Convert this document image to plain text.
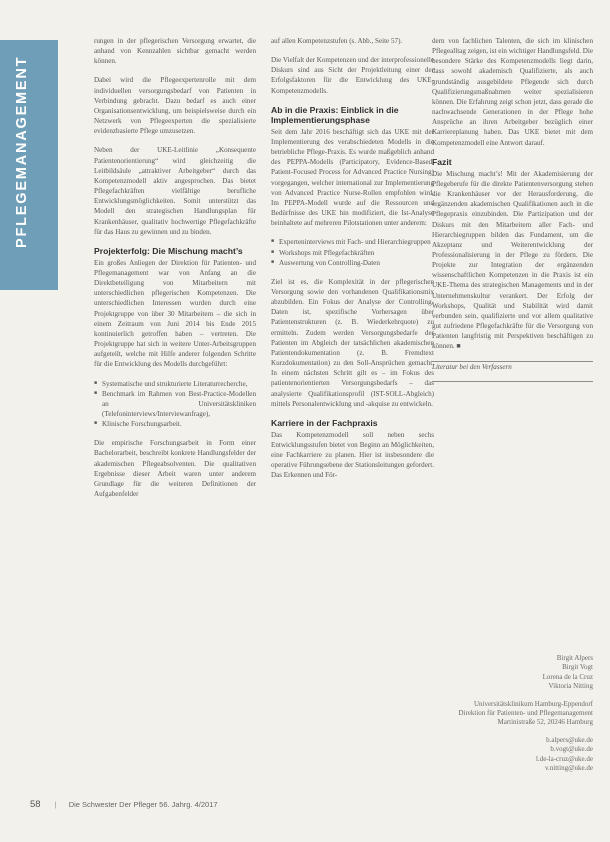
PFLEGEMANAGEMENT

rungen in der pflegerischen Versorgung erwartet, die anhand von Kennzahlen sichtbar gemacht werden können.

Dabei wird die Pflegeexpertenrolle mit dem individuellen versorgungsbedarf von Patienten in Verbindung gebracht. Dazu bedarf es auch einer Organisationsentwicklung, um beispielsweise durch ein Netzwerk von Pflegeexperten die spezialisierte evidenzbasierte Pflege umzusetzen.

Neben der UKE-Leitlinie „Konsequente Patientenorientierung“ wird gleichzeitig die Leitbildsäule „attraktiver Arbeitgeber“ durch das Kompetenzmodell aktiv angesprochen. Das bietet Pflegefachkräften vielfältige berufliche Entwicklungsmöglichkeiten. Somit unterstützt das Modell den strategischen Handlungsplan für Krankenhäuser, qualitativ hochwertige Pflegefachkräfte für das Haus zu gewinnen und zu binden.

Projekterfolg: Die Mischung macht’s

Ein großes Anliegen der Direktion für Patienten- und Pflegemanagement war von Anfang an die Direktbeteiligung von Mitarbeitern mit unterschiedlichen pflegerischen Kompetenzen. Die unterschiedlichen Interessen wurden durch eine Projektgruppe von über 30 Mitarbeitern – die sich in einem Zeitraum von Juni 2014 bis Ende 2015 kontinuierlich getroffen haben – vertreten. Die Projektgruppe hat sich in weitere Unter-Arbeitsgruppen aufgeteilt, welche mit Hilfe anderer folgenden Schritte für die Entwicklung des Modells durchgeführt:

■ Systematische und strukturierte Literaturrecherche,
■ Benchmark im Rahmen von Best-Practice-Modellen an Universitätskliniken (Telefoninterviews/Interviewanfrage),
■ Klinische Forschungsarbeit.

Die empirische Forschungsarbeit in Form einer Bachelorarbeit, beschreibt konkrete Handlungsfelder der akademischen Pflegeabsolventen. Die qualitativen Ergebnisse dieser Arbeit waren unter anderem Grundlage für die weiteren Definitionen der Aufgabenfelder

auf allen Kompetenzstufen (s. Abb., Seite 57).

Die Vielfalt der Kompetenzen und der interprofessionelle Diskurs sind aus Sicht der Projektleitung einer der Erfolgsfaktoren für die Entwicklung des UKE-Kompetenzmodells.

Ab in die Praxis: Einblick in die Implementierungsphase

Seit dem Jahr 2016 beschäftigt sich das UKE mit der Implementierung des verabschiedeten Modells in die betriebliche Pflege-Praxis. Es wurde maßgeblich anhand des PEPPA-Modells (Participatory, Evidence-Based, Patient-Focused Process for Advanced Practice Nursing) vorgegangen, welcher international zur Implementierung von Advanced Practice Nurse-Rollen empfohlen wird. Im PEPPA-Modell wurde auf die Ressourcen und Bedürfnisse des UKE hin modifiziert, die Ist-Analyse beinhaltete auf mehreren Pilotstationen unter anderem:

■ Experteninterviews mit Fach- und Hierarchiegruppen
■ Workshops mit Pflegefachkräften
■ Auswertung von Controlling-Daten

Ziel ist es, die Komplexität in der pflegerischen Versorgung sowie den vorhandenen Qualifikationsmix abzubilden. Ein Fokus der Analyse der Controlling-Daten ist, spezifische Vorhersagen über Patientenstrukturen (z. B. Wiederkehrquote) zu ermitteln. Zudem werden Versorgungsbedarfe der Patienten im Abgleich der tatsächlichen akademischen Patientendokumentation (z. B. Fremdtext Kurzdokumentation) zu den Soll-Ansprüchen gemacht. In einem nächsten Schritt gilt es – im Fokus des patientenorientierten Versorgungsbedarfs – das analysierte Qualifikationsprofil (IST-SOLL-Abgleich) mittels Personalentwicklung und -akquise zu entwickeln.

Karriere in der Fachpraxis

Das Kompetenzmodell soll neben sechs Entwicklungsstufen bietet von Beginn an Möglichkeiten, eine Fachkarriere zu planen. Hier ist insbesondere die operative Führungsebene der Stationsleitungen gefordert. Das Erkennen und För-

dern von fachlichen Talenten, die sich im klinischen Pflegealltag zeigen, ist ein wichtiger Handlungsfeld. Die besondere Stärke des Kompetenzmodells liegt darin, dass sowohl akademisch Qualifizierte, als auch grundständig ausgebildete Pflegende sich durch Qualifizierungsmaßnahmen weiter spezialisieren können. Die Erfahrung zeigt schon jetzt, dass gerade die nachwachsende Generationen in der Pflege hohe Ansprüche an ihren Arbeitgeber bezüglich einer Karriereplanung haben. Das UKE bietet mit dem Kompetenzmodell eine Antwort darauf.

Fazit

Die Mischung macht’s! Mit der Akademisierung der Pflegeberufe für die direkte Patientenversorgung stehen die Krankenhäuser vor der Herausforderung, die ergänzenden akademischen Qualifikationen auch in die Pflegepraxis einzubinden. Die Partizipation und der Diskurs mit den Mitarbeitern aller Fach- und Hierarchiegruppen bilden das Fundament, um die Akzeptanz und Weiterentwicklung der Professionalisierung in der Pflege zu fördern. Die Projekte zur Integration der ergänzenden wissenschaftlichen Kompetenzen in die Praxis ist ein UKE-Thema des strategischen Managements und in der Unternehmenskultur verankert. Der Erfolg der Workshops, Qualität und Stabilität wird damit verbunden sein, qualifizierte und vor allem qualitative gut zufriedene Pflegefachkräfte für die Versorgung von Patienten langfristig mit Perspektiven beschäftigen zu können. ■

Literatur bei den Verfassern

Birgit Alpers
Birgit Vogt
Lorena de la Cruz
Viktoria Nitting
Universitätsklinikum Hamburg-Eppendorf
Direktion für Patienten- und Pflegemanagement
Martinistraße 52, 20246 Hamburg
b.alpers@uke.de
b.vogt@uke.de
l.de-la-cruz@uke.de
v.nitting@uke.de
58 | Die Schwester Der Pfleger 56. Jahrg. 4/2017
